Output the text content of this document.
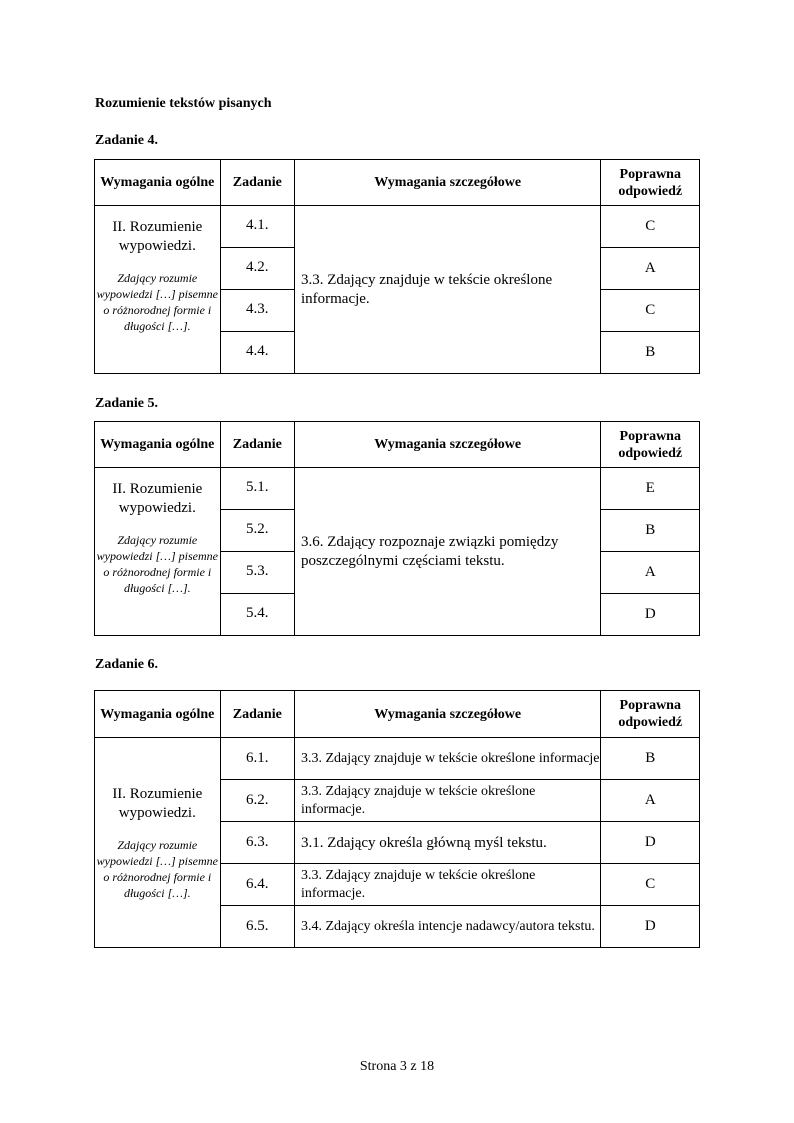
Rozumienie tekstów pisanych
Zadanie 4.
Wymagania ogólne	Zadanie	Wymagania szczegółowe	Poprawna odpowiedź

II. Rozumienie wypowiedzi.
Zdający rozumie wypowiedzi […] pisemne o różnorodnej formie i długości […].	4.1.	3.3. Zdający znajduje w tekście określone informacje.	C
	4.2.		A
	4.3.		C
	4.4.		B
Zadanie 5.
Wymagania ogólne	Zadanie	Wymagania szczegółowe	Poprawna odpowiedź

II. Rozumienie wypowiedzi.
Zdający rozumie wypowiedzi […] pisemne o różnorodnej formie i długości […].	5.1.	3.6. Zdający rozpoznaje związki pomiędzy poszczególnymi częściami tekstu.	E
	5.2.		B
	5.3.		A
	5.4.		D
Zadanie 6.
Wymagania ogólne	Zadanie	Wymagania szczegółowe	Poprawna odpowiedź

II. Rozumienie wypowiedzi.
Zdający rozumie wypowiedzi […] pisemne o różnorodnej formie i długości […].	6.1.	3.3. Zdający znajduje w tekście określone informacje	B
	6.2.	3.3. Zdający znajduje w tekście określone informacje.	A
	6.3.	3.1. Zdający określa główną myśl tekstu.	D
	6.4.	3.3. Zdający znajduje w tekście określone informacje.	C
	6.5.	3.4. Zdający określa intencje nadawcy/autora tekstu.	D
Strona 3 z 18
